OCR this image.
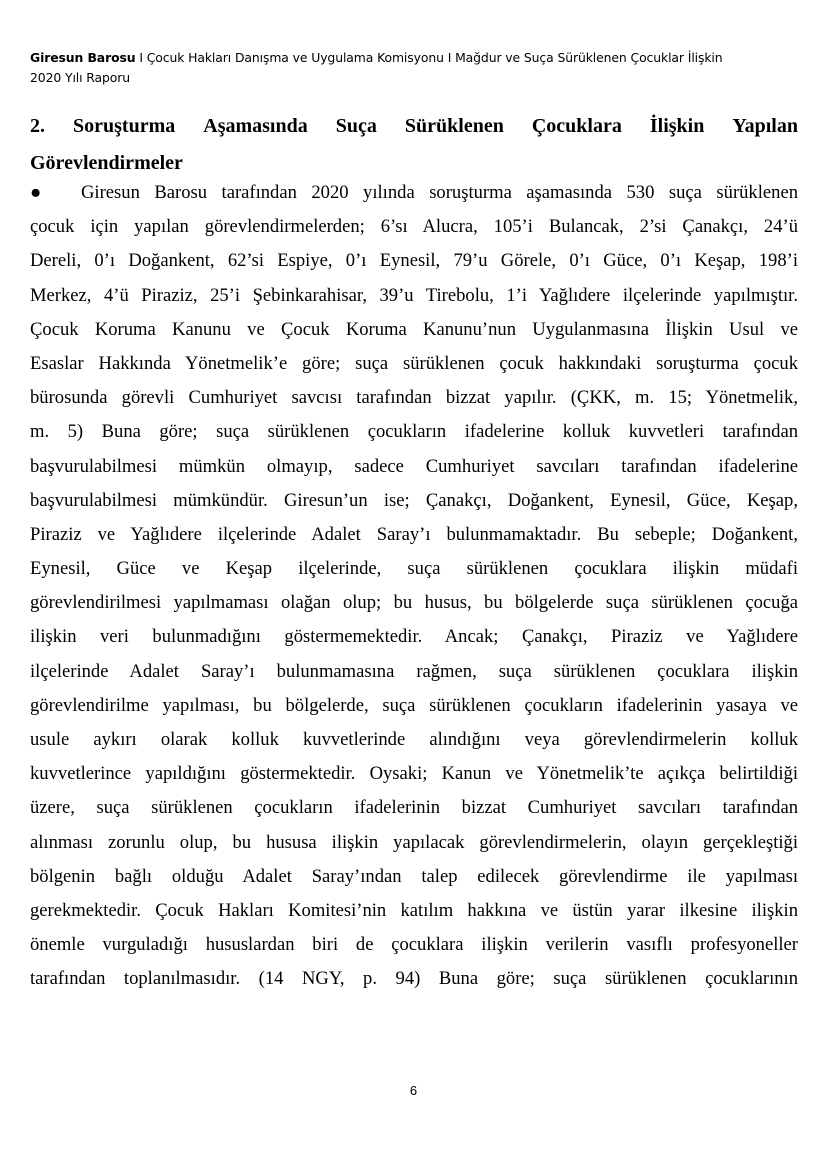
Giresun Barosu I Çocuk Hakları Danışma ve Uygulama Komisyonu I Mağdur ve Suça Sürüklenen Çocuklar İlişkin
2020 Yılı Raporu
2. Soruşturma Aşamasında Suça Sürüklenen Çocuklara İlişkin Yapılan
Görevlendirmeler
● Giresun Barosu tarafından 2020 yılında soruşturma aşamasında 530 suça sürüklenen
çocuk için yapılan görevlendirmelerden; 6’sı Alucra, 105’i Bulancak, 2’si Çanakçı, 24’ü
Dereli, 0’ı Doğankent, 62’si Espiye, 0’ı Eynesil, 79’u Görele, 0’ı Güce, 0’ı Keşap, 198’i
Merkez, 4’ü Piraziz, 25’i Şebinkarahisar, 39’u Tirebolu, 1’i Yağlıdere ilçelerinde yapılmıştır.
Çocuk Koruma Kanunu ve Çocuk Koruma Kanunu’nun Uygulanmasına İlişkin Usul ve
Esaslar Hakkında Yönetmelik’e göre; suça sürüklenen çocuk hakkındaki soruşturma çocuk
bürosunda görevli Cumhuriyet savcısı tarafından bizzat yapılır. (ÇKK, m. 15; Yönetmelik,
m. 5) Buna göre; suça sürüklenen çocukların ifadelerine kolluk kuvvetleri tarafından
başvurulabilmesi mümkün olmayıp, sadece Cumhuriyet savcıları tarafından ifadelerine
başvurulabilmesi mümkündür. Giresun’un ise; Çanakçı, Doğankent, Eynesil, Güce, Keşap,
Piraziz ve Yağlıdere ilçelerinde Adalet Saray’ı bulunmamaktadır. Bu sebeple; Doğankent,
Eynesil, Güce ve Keşap ilçelerinde, suça sürüklenen çocuklara ilişkin müdafi
görevlendirilmesi yapılmaması olağan olup; bu husus, bu bölgelerde suça sürüklenen çocuğa
ilişkin veri bulunmadığını göstermemektedir. Ancak; Çanakçı, Piraziz ve Yağlıdere
ilçelerinde Adalet Saray’ı bulunmamasına rağmen, suça sürüklenen çocuklara ilişkin
görevlendirilme yapılması, bu bölgelerde, suça sürüklenen çocukların ifadelerinin yasaya ve
usule aykırı olarak kolluk kuvvetlerinde alındığını veya görevlendirmelerin kolluk
kuvvetlerince yapıldığını göstermektedir. Oysaki; Kanun ve Yönetmelik’te açıkça belirtildiği
üzere, suça sürüklenen çocukların ifadelerinin bizzat Cumhuriyet savcıları tarafından
alınması zorunlu olup, bu hususa ilişkin yapılacak görevlendirmelerin, olayın gerçekleştiği
bölgenin bağlı olduğu Adalet Saray’ından talep edilecek görevlendirme ile yapılması
gerekmektedir. Çocuk Hakları Komitesi’nin katılım hakkına ve üstün yarar ilkesine ilişkin
önemle vurguladığı hususlardan biri de çocuklara ilişkin verilerin vasıflı profesyoneller
tarafından toplanılmasıdır. (14 NGY, p. 94) Buna göre; suça sürüklenen çocuklarının
6
